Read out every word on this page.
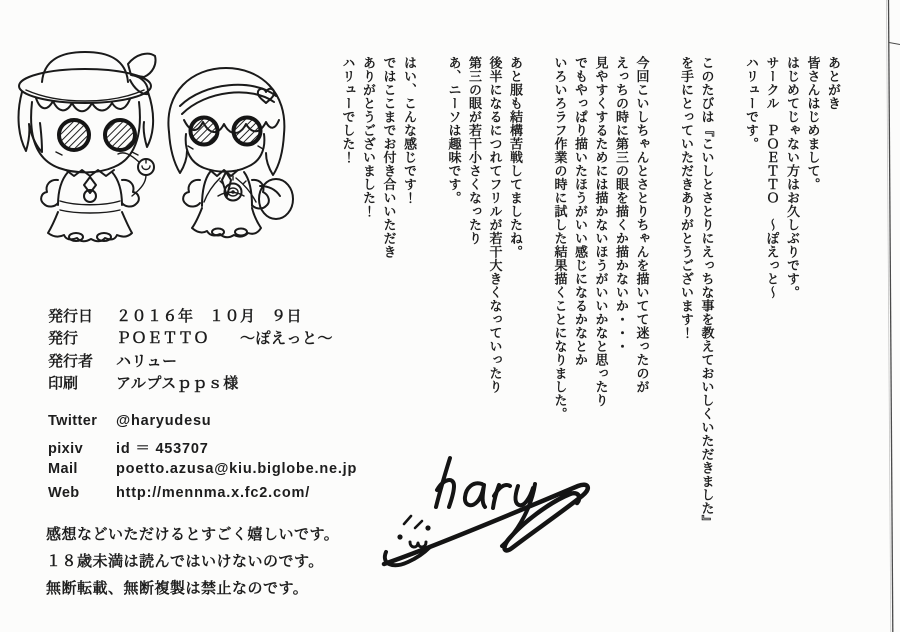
あとがき
皆さんはじめまして。
はじめてじゃない方はお久しぶりです。
サークル　ＰＯＥＴＴＯ　～ぽえっと～
ハリューです。
このたびは『こいしとさとりにえっちな事を教えておいしくいただきました』
を手にとっていただきありがとうございます！
今回こいしちゃんとさとりちゃんを描いてて迷ったのが
えっちの時に第三の眼を描くか描かないか・・・
見やすくするためには描かないほうがいいかなと思ったり
でもやっぱり描いたほうがいい感じになるかなとか
いろいろラフ作業の時に試した結果描くことになりました。
あと服も結構苦戦してましたね。
後半になるにつれてフリルが若干大きくなっていったり
第三の眼が若干小さくなったり
あ、ニーソは趣味です。
はい、こんな感じです！
ではここまでお付き合いいただき
ありがとうございました！
ハリューでした！
発行日	２０１６年　１０月　９日
発行	ＰＯＥＴＴＯ　　～ぽえっと～
発行者	ハリュー
印刷	アルプスｐｐｓ様
Twitter	@haryudesu
pixiv	id ＝ 453707
Mail	poetto.azusa@kiu.biglobe.ne.jp
Web	http://mennma.x.fc2.com/
感想などいただけるとすごく嬉しいです。
１８歳未満は読んではいけないのです。
無断転載、無断複製は禁止なのです。
